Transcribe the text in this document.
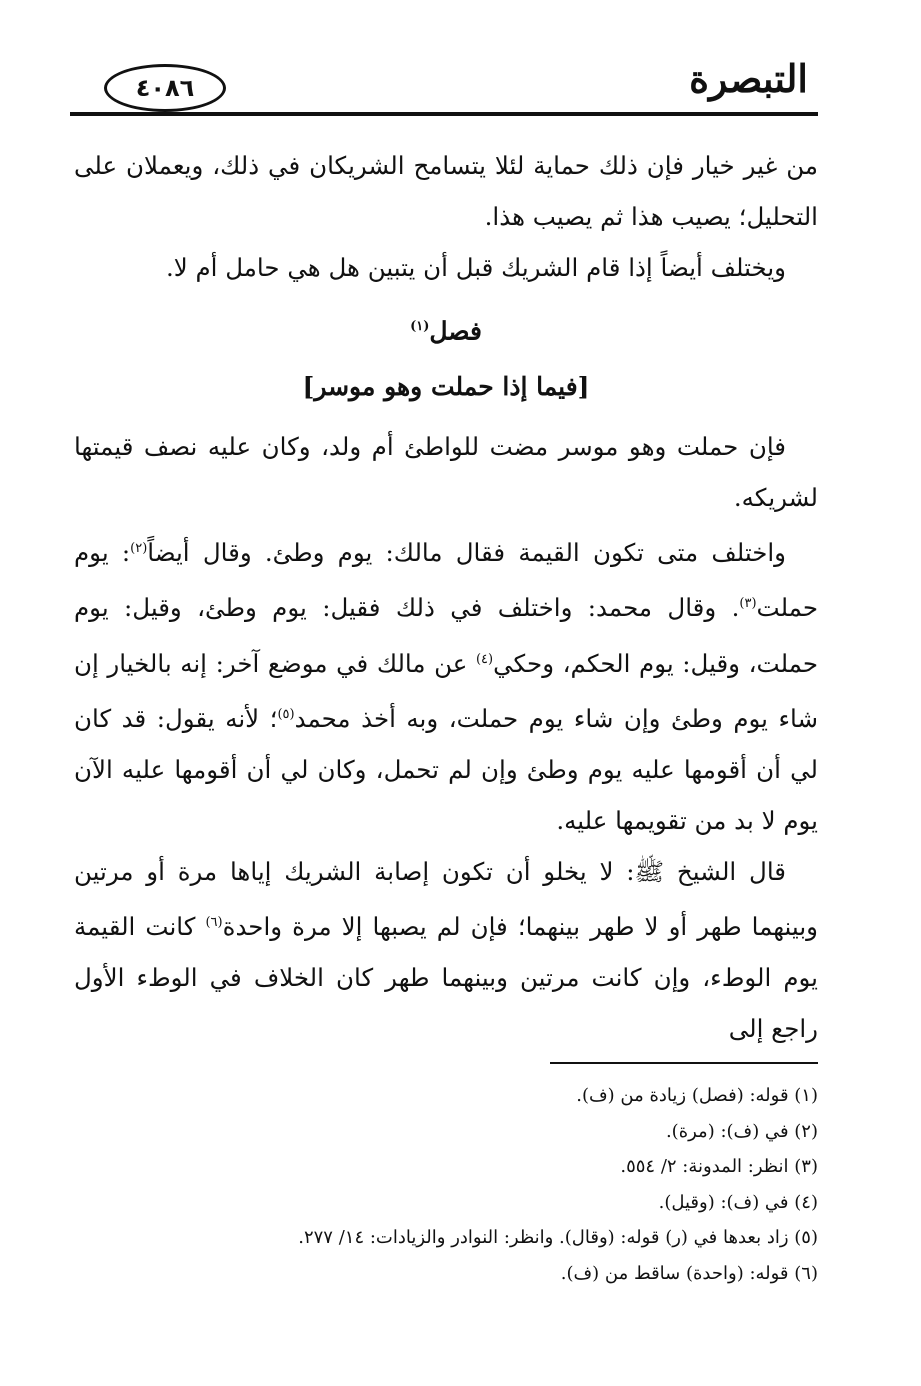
التبصرة
٤٠٨٦

من غير خيار فإن ذلك حماية لئلا يتسامح الشريكان في ذلك، ويعملان على التحليل؛ يصيب هذا ثم يصيب هذا.

ويختلف أيضاً إذا قام الشريك قبل أن يتبين هل هي حامل أم لا.

فصل$^{(١)}$
[فيما إذا حملت وهو موسر]

فإن حملت وهو موسر مضت للواطئ أم ولد، وكان عليه نصف قيمتها لشريكه.

واختلف متى تكون القيمة فقال مالك: يوم وطئ. وقال أيضاً$^{(٢)}$: يوم حملت$^{(٣)}$. وقال محمد: واختلف في ذلك فقيل: يوم وطئ، وقيل: يوم حملت، وقيل: يوم الحكم، وحكي$^{(٤)}$ عن مالك في موضع آخر: إنه بالخيار إن شاء يوم وطئ وإن شاء يوم حملت، وبه أخذ محمد$^{(٥)}$؛ لأنه يقول: قد كان لي أن أقومها عليه يوم وطئ وإن لم تحمل، وكان لي أن أقومها عليه الآن يوم لا بد من تقويمها عليه.

قال الشيخ ﷺ: لا يخلو أن تكون إصابة الشريك إياها مرة أو مرتين وبينهما طهر أو لا طهر بينهما؛ فإن لم يصبها إلا مرة واحدة$^{(٦)}$ كانت القيمة يوم الوطء، وإن كانت مرتين وبينهما طهر كان الخلاف في الوطء الأول راجع إلى

(١) قوله: (فصل) زيادة من (ف).

(٢) في (ف): (مرة).

(٣) انظر: المدونة: ٢/ ٥٥٤.

(٤) في (ف): (وقيل).

(٥) زاد بعدها في (ر) قوله: (وقال). وانظر: النوادر والزيادات: ١٤/ ٢٧٧.

(٦) قوله: (واحدة) ساقط من (ف).
